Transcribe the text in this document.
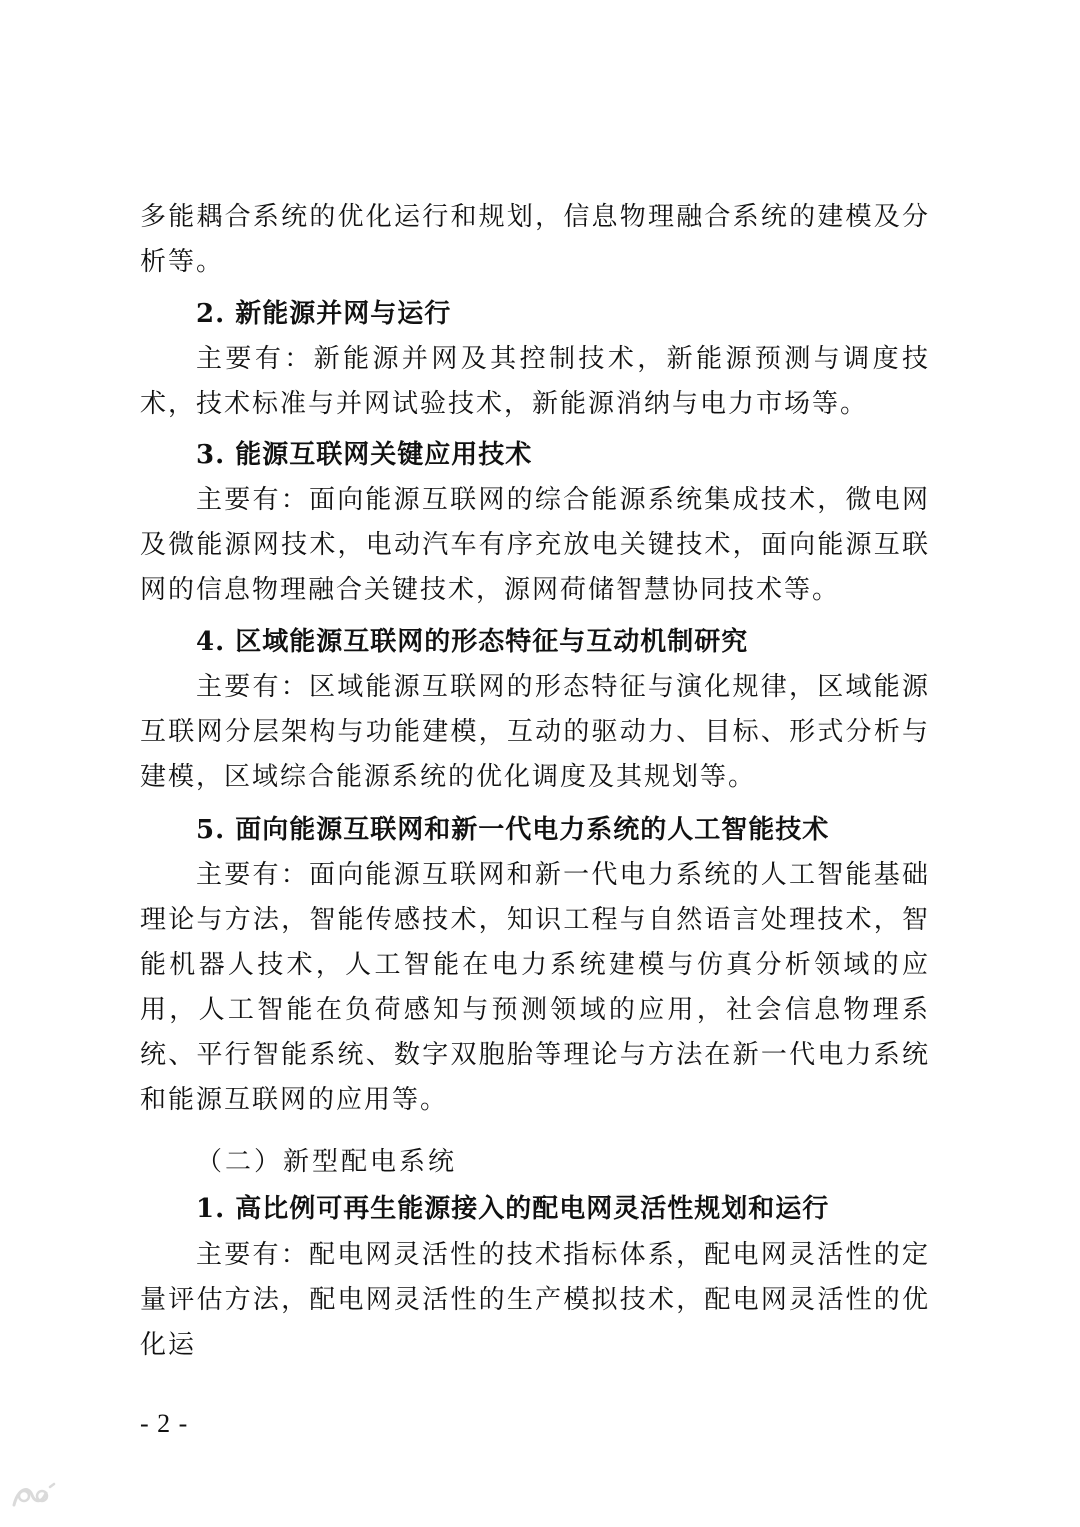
多能耦合系统的优化运行和规划，信息物理融合系统的建模及分析等。

2. 新能源并网与运行

主要有：新能源并网及其控制技术，新能源预测与调度技术，技术标准与并网试验技术，新能源消纳与电力市场等。

3. 能源互联网关键应用技术

主要有：面向能源互联网的综合能源系统集成技术，微电网及微能源网技术，电动汽车有序充放电关键技术，面向能源互联网的信息物理融合关键技术，源网荷储智慧协同技术等。

4. 区域能源互联网的形态特征与互动机制研究

主要有：区域能源互联网的形态特征与演化规律，区域能源互联网分层架构与功能建模，互动的驱动力、目标、形式分析与建模，区域综合能源系统的优化调度及其规划等。

5. 面向能源互联网和新一代电力系统的人工智能技术

主要有：面向能源互联网和新一代电力系统的人工智能基础理论与方法，智能传感技术，知识工程与自然语言处理技术，智能机器人技术，人工智能在电力系统建模与仿真分析领域的应用，人工智能在负荷感知与预测领域的应用，社会信息物理系统、平行智能系统、数字双胞胎等理论与方法在新一代电力系统和能源互联网的应用等。

（二）新型配电系统

1. 高比例可再生能源接入的配电网灵活性规划和运行

主要有：配电网灵活性的技术指标体系，配电网灵活性的定量评估方法，配电网灵活性的生产模拟技术，配电网灵活性的优化运

- 2 -
